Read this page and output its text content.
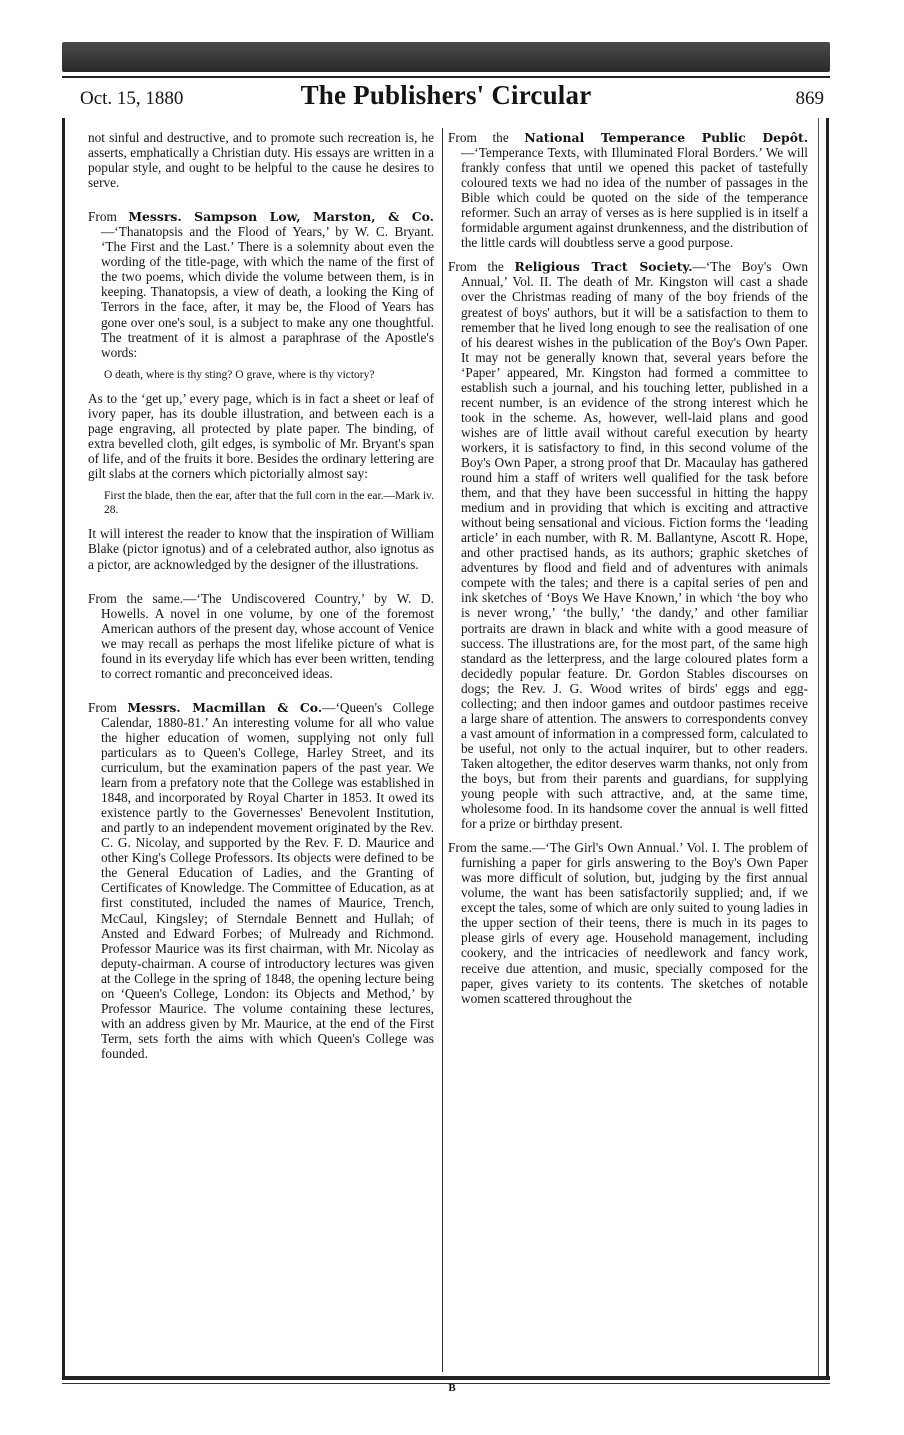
Oct. 15, 1880	The Publishers' Circular	869

not sinful and destructive, and to promote such recreation is, he asserts, emphatically a Christian duty. His essays are written in a popular style, and ought to be helpful to the cause he desires to serve.

From Messrs. Sampson Low, Marston, & Co.—‘Thanatopsis and the Flood of Years,’ by W. C. Bryant. ‘The First and the Last.’ There is a solemnity about even the wording of the title-page, with which the name of the first of the two poems, which divide the volume between them, is in keeping. Thanatopsis, a view of death, a looking the King of Terrors in the face, after, it may be, the Flood of Years has gone over one's soul, is a subject to make any one thoughtful. The treatment of it is almost a paraphrase of the Apostle's words:

O death, where is thy sting? O grave, where is thy victory?

As to the ‘get up,’ every page, which is in fact a sheet or leaf of ivory paper, has its double illustration, and between each is a page engraving, all protected by plate paper. The binding, of extra bevelled cloth, gilt edges, is symbolic of Mr. Bryant's span of life, and of the fruits it bore. Besides the ordinary lettering are gilt slabs at the corners which pictorially almost say:

First the blade, then the ear, after that the full corn in the ear.—Mark iv. 28.

It will interest the reader to know that the inspiration of William Blake (pictor ignotus) and of a celebrated author, also ignotus as a pictor, are acknowledged by the designer of the illustrations.

From the same.—‘The Undiscovered Country,’ by W. D. Howells. A novel in one volume, by one of the foremost American authors of the present day, whose account of Venice we may recall as perhaps the most lifelike picture of what is found in its everyday life which has ever been written, tending to correct romantic and preconceived ideas.

From Messrs. Macmillan & Co.—‘Queen's College Calendar, 1880-81.’ An interesting volume for all who value the higher education of women, supplying not only full particulars as to Queen's College, Harley Street, and its curriculum, but the examination papers of the past year. We learn from a prefatory note that the College was established in 1848, and incorporated by Royal Charter in 1853. It owed its existence partly to the Governesses' Benevolent Institution, and partly to an independent movement originated by the Rev. C. G. Nicolay, and supported by the Rev. F. D. Maurice and other King's College Professors. Its objects were defined to be the General Education of Ladies, and the Granting of Certificates of Knowledge. The Committee of Education, as at first constituted, included the names of Maurice, Trench, McCaul, Kingsley; of Sterndale Bennett and Hullah; of Ansted and Edward Forbes; of Mulready and Richmond. Professor Maurice was its first chairman, with Mr. Nicolay as deputy-chairman. A course of introductory lectures was given at the College in the spring of 1848, the opening lecture being on ‘Queen's College, London: its Objects and Method,’ by Professor Maurice. The volume containing these lectures, with an address given by Mr. Maurice, at the end of the First Term, sets forth the aims with which Queen's College was founded.

From the National Temperance Public Depôt.—‘Temperance Texts, with Illuminated Floral Borders.’ We will frankly confess that until we opened this packet of tastefully coloured texts we had no idea of the number of passages in the Bible which could be quoted on the side of the temperance reformer. Such an array of verses as is here supplied is in itself a formidable argument against drunkenness, and the distribution of the little cards will doubtless serve a good purpose.

From the Religious Tract Society.—‘The Boy's Own Annual,’ Vol. II. The death of Mr. Kingston will cast a shade over the Christmas reading of many of the boy friends of the greatest of boys' authors, but it will be a satisfaction to them to remember that he lived long enough to see the realisation of one of his dearest wishes in the publication of the Boy's Own Paper. It may not be generally known that, several years before the ‘Paper’ appeared, Mr. Kingston had formed a committee to establish such a journal, and his touching letter, published in a recent number, is an evidence of the strong interest which he took in the scheme. As, however, well-laid plans and good wishes are of little avail without careful execution by hearty workers, it is satisfactory to find, in this second volume of the Boy's Own Paper, a strong proof that Dr. Macaulay has gathered round him a staff of writers well qualified for the task before them, and that they have been successful in hitting the happy medium and in providing that which is exciting and attractive without being sensational and vicious. Fiction forms the ‘leading article’ in each number, with R. M. Ballantyne, Ascott R. Hope, and other practised hands, as its authors; graphic sketches of adventures by flood and field and of adventures with animals compete with the tales; and there is a capital series of pen and ink sketches of ‘Boys We Have Known,’ in which ‘the boy who is never wrong,’ ‘the bully,’ ‘the dandy,’ and other familiar portraits are drawn in black and white with a good measure of success. The illustrations are, for the most part, of the same high standard as the letterpress, and the large coloured plates form a decidedly popular feature. Dr. Gordon Stables discourses on dogs; the Rev. J. G. Wood writes of birds' eggs and egg-collecting; and then indoor games and outdoor pastimes receive a large share of attention. The answers to correspondents convey a vast amount of information in a compressed form, calculated to be useful, not only to the actual inquirer, but to other readers. Taken altogether, the editor deserves warm thanks, not only from the boys, but from their parents and guardians, for supplying young people with such attractive, and, at the same time, wholesome food. In its handsome cover the annual is well fitted for a prize or birthday present.

From the same.—‘The Girl's Own Annual.’ Vol. I. The problem of furnishing a paper for girls answering to the Boy's Own Paper was more difficult of solution, but, judging by the first annual volume, the want has been satisfactorily supplied; and, if we except the tales, some of which are only suited to young ladies in the upper section of their teens, there is much in its pages to please girls of every age. Household management, including cookery, and the intricacies of needlework and fancy work, receive due attention, and music, specially composed for the paper, gives variety to its contents. The sketches of notable women scattered throughout the

B
